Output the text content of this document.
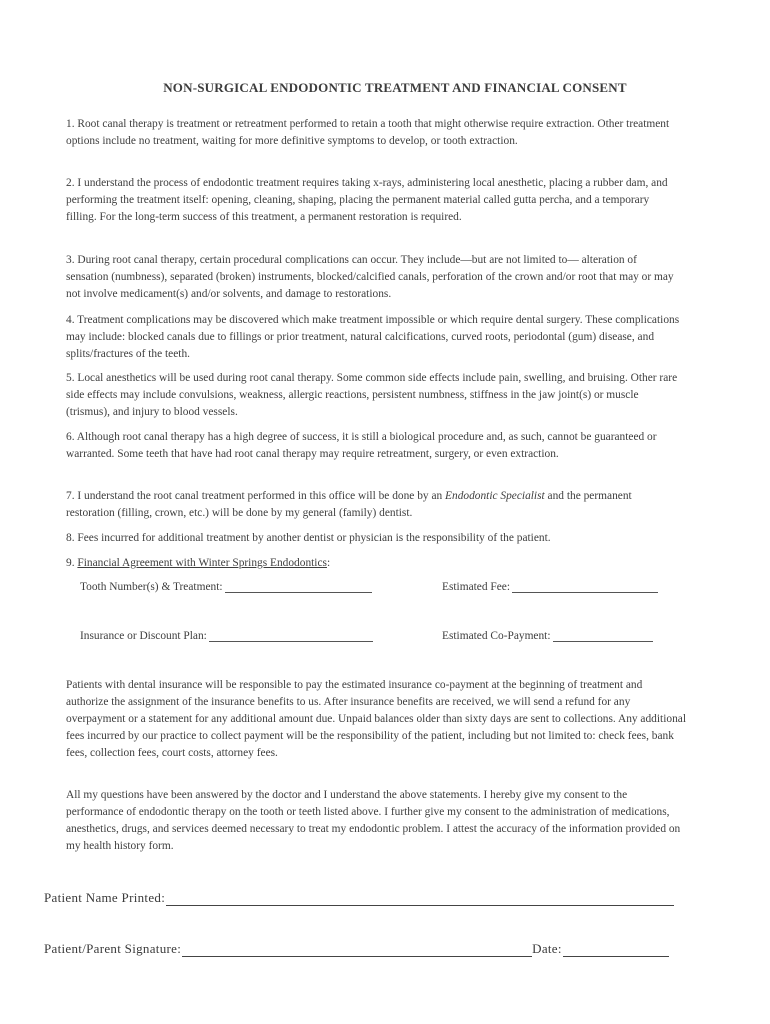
NON-SURGICAL ENDODONTIC TREATMENT AND FINANCIAL CONSENT
1. Root canal therapy is treatment or retreatment performed to retain a tooth that might otherwise require extraction. Other treatment options include no treatment, waiting for more definitive symptoms to develop, or tooth extraction.
2. I understand the process of endodontic treatment requires taking x-rays, administering local anesthetic, placing a rubber dam, and performing the treatment itself: opening, cleaning, shaping, placing the permanent material called gutta percha, and a temporary filling. For the long-term success of this treatment, a permanent restoration is required.
3. During root canal therapy, certain procedural complications can occur. They include—but are not limited to— alteration of sensation (numbness), separated (broken) instruments, blocked/calcified canals, perforation of the crown and/or root that may or may not involve medicament(s) and/or solvents, and damage to restorations.
4. Treatment complications may be discovered which make treatment impossible or which require dental surgery. These complications may include: blocked canals due to fillings or prior treatment, natural calcifications, curved roots, periodontal (gum) disease, and splits/fractures of the teeth.
5. Local anesthetics will be used during root canal therapy. Some common side effects include pain, swelling, and bruising. Other rare side effects may include convulsions, weakness, allergic reactions, persistent numbness, stiffness in the jaw joint(s) or muscle (trismus), and injury to blood vessels.
6. Although root canal therapy has a high degree of success, it is still a biological procedure and, as such, cannot be guaranteed or warranted. Some teeth that have had root canal therapy may require retreatment, surgery, or even extraction.
7. I understand the root canal treatment performed in this office will be done by an Endodontic Specialist and the permanent restoration (filling, crown, etc.) will be done by my general (family) dentist.
8. Fees incurred for additional treatment by another dentist or physician is the responsibility of the patient.
9. Financial Agreement with Winter Springs Endodontics:
Tooth Number(s) & Treatment:	Estimated Fee:
Insurance or Discount Plan:	Estimated Co-Payment:
Patients with dental insurance will be responsible to pay the estimated insurance co-payment at the beginning of treatment and authorize the assignment of the insurance benefits to us. After insurance benefits are received, we will send a refund for any overpayment or a statement for any additional amount due. Unpaid balances older than sixty days are sent to collections. Any additional fees incurred by our practice to collect payment will be the responsibility of the patient, including but not limited to: check fees, bank fees, collection fees, court costs, attorney fees.
All my questions have been answered by the doctor and I understand the above statements. I hereby give my consent to the performance of endodontic therapy on the tooth or teeth listed above. I further give my consent to the administration of medications, anesthetics, drugs, and services deemed necessary to treat my endodontic problem. I attest the accuracy of the information provided on my health history form.
Patient Name Printed:
Patient/Parent Signature:	Date:
